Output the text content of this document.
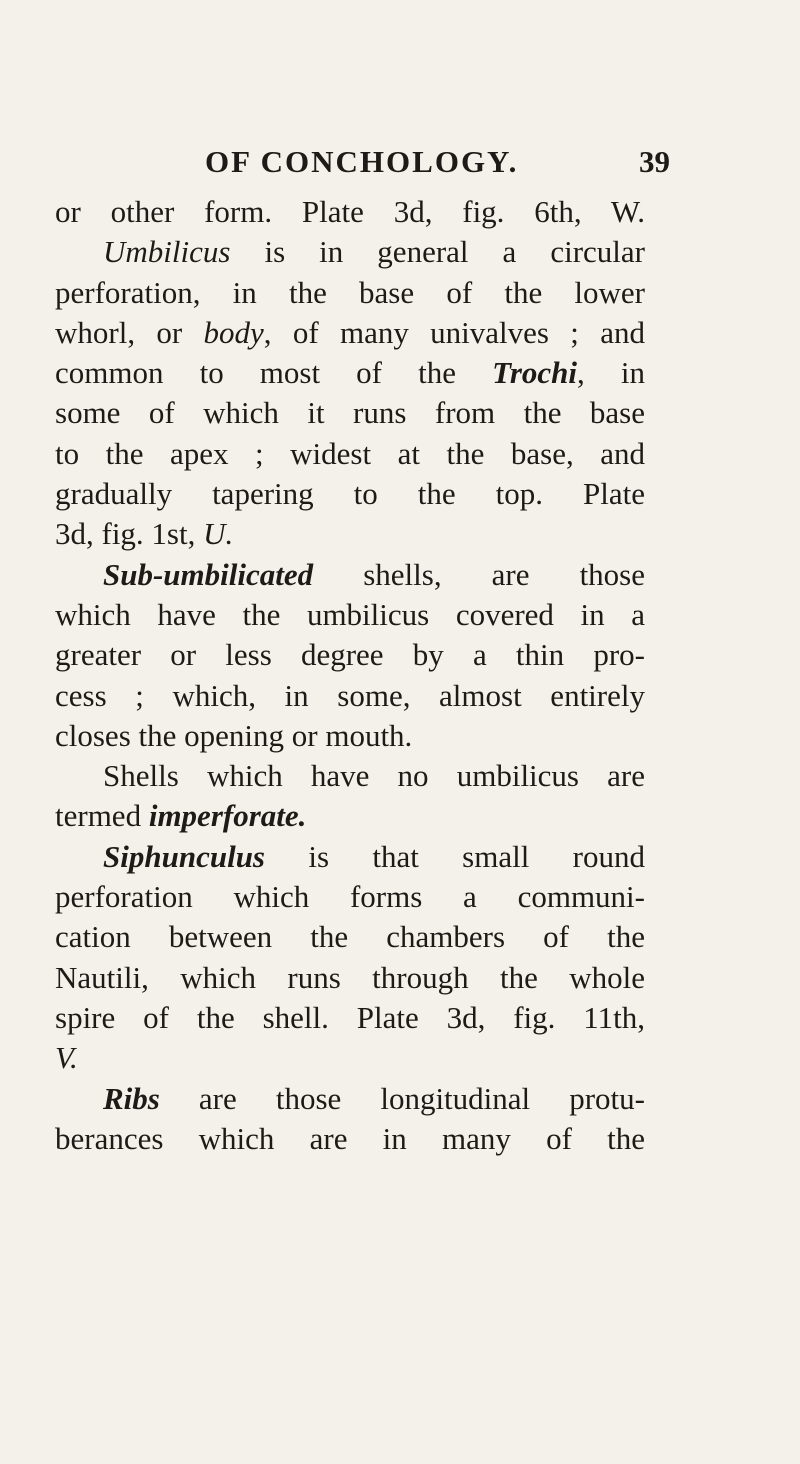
OF CONCHOLOGY.	39
or other form. Plate 3d, fig. 6th, W.
Umbilicus is in general a circular
perforation, in the base of the lower
whorl, or body, of many univalves ; and
common to most of the Trochi, in
some of which it runs from the base
to the apex ; widest at the base, and
gradually tapering to the top. Plate
3d, fig. 1st, U.
Sub-umbilicated shells, are those
which have the umbilicus covered in a
greater or less degree by a thin pro-
cess ; which, in some, almost entirely
closes the opening or mouth.
Shells which have no umbilicus are
termed imperforate.
Siphunculus is that small round
perforation which forms a communi-
cation between the chambers of the
Nautili, which runs through the whole
spire of the shell. Plate 3d, fig. 11th,
V.
Ribs are those longitudinal protu-
berances which are in many of the
